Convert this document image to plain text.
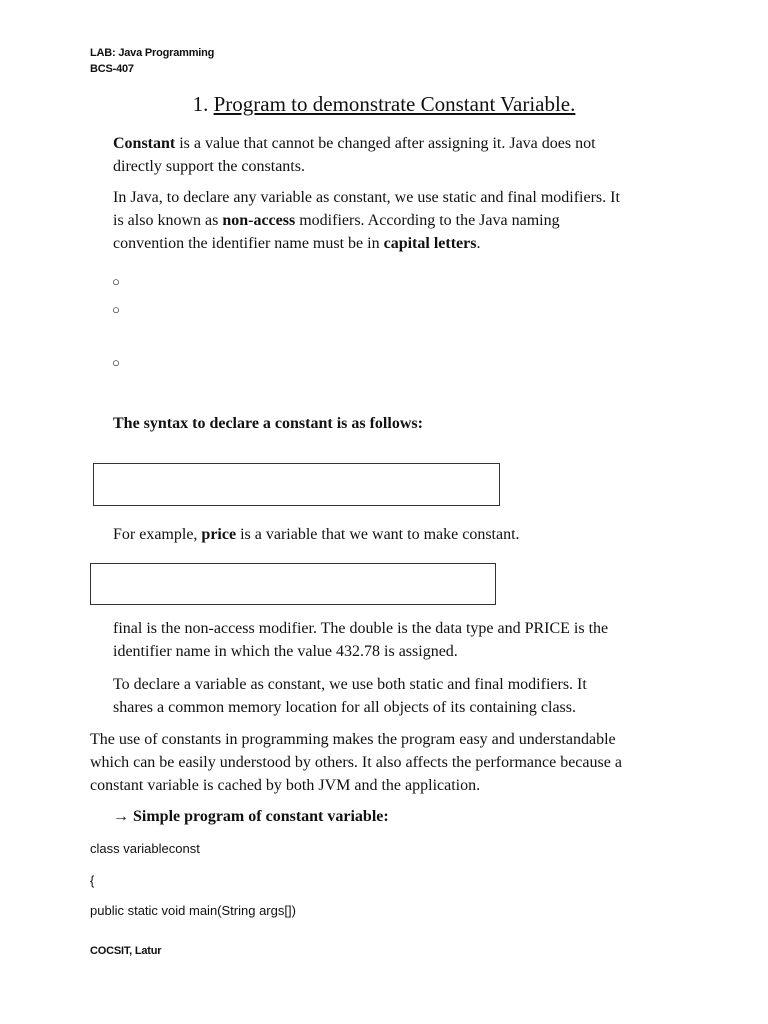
LAB: Java Programming
BCS-407
1. Program to demonstrate Constant Variable.
Constant is a value that cannot be changed after assigning it. Java does not
directly support the constants.
In Java, to declare any variable as constant, we use static and final modifiers. It
is also known as non-access modifiers. According to the Java naming
convention the identifier name must be in capital letters.
○
○
○
The syntax to declare a constant is as follows:
For example, price is a variable that we want to make constant.
final is the non-access modifier. The double is the data type and PRICE is the
identifier name in which the value 432.78 is assigned.
To declare a variable as constant, we use both static and final modifiers. It
shares a common memory location for all objects of its containing class.
The use of constants in programming makes the program easy and understandable
which can be easily understood by others. It also affects the performance because a
constant variable is cached by both JVM and the application.
→ Simple program of constant variable:
class variableconst
{
public static void main(String args[])
COCSIT, Latur
